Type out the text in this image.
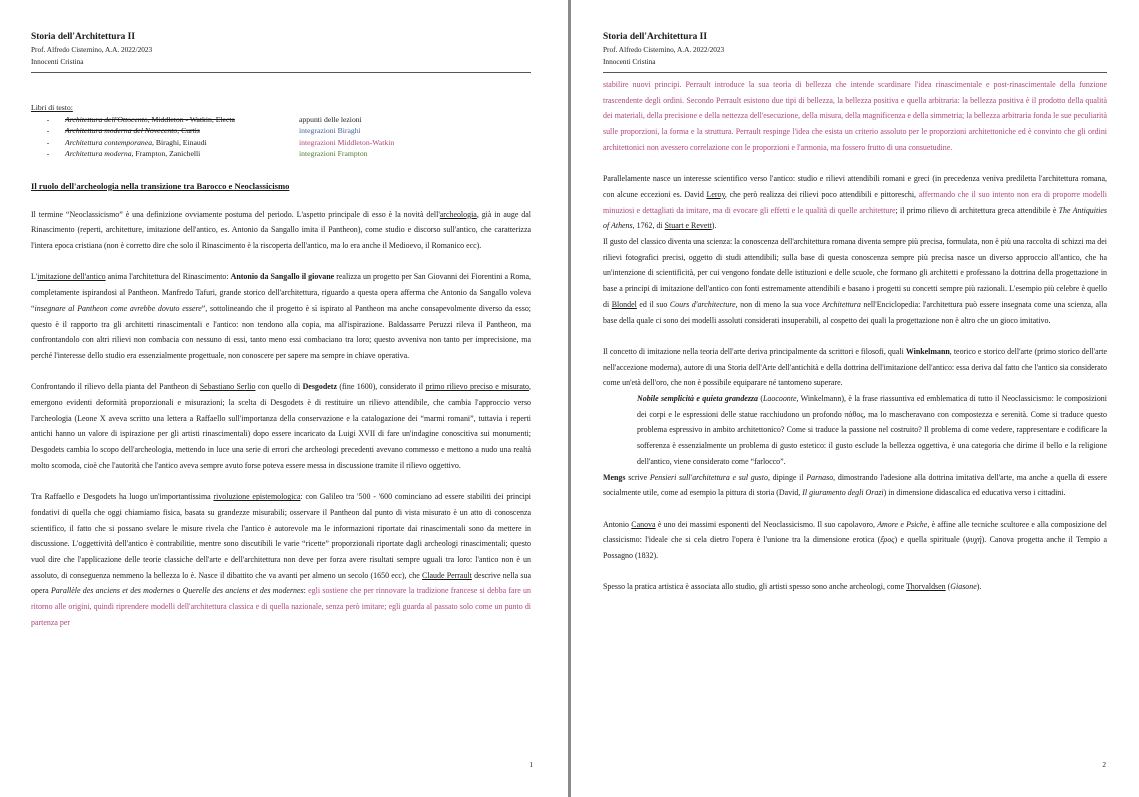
Storia dell'Architettura II
Prof. Alfredo Cisternino, A.A. 2022/2023
Innocenti Cristina
Libri di testo:
-	Architettura dell'Ottocento, Middleton - Watkin, Electa	appunti delle lezioni
-	Architettura moderna del Novecento, Curtis	integrazioni Biraghi
-	Architettura contemporanea, Biraghi, Einaudi	integrazioni Middleton-Watkin
-	Architettura moderna, Frampton, Zanichelli	integrazioni Frampton
Il ruolo dell'archeologia nella transizione tra Barocco e Neoclassicismo

Il termine “Neoclassicismo” è una definizione ovviamente postuma del periodo. L'aspetto principale di esso è la novità dell'archeologia, già in auge dal Rinascimento (reperti, architetture, imitazione dell'antico, es. Antonio da Sangallo imita il Pantheon), come studio e discorso sull'antico, che caratterizza l'intera epoca cristiana (non è corretto dire che solo il Rinascimento è la riscoperta dell'antico, ma lo era anche il Medioevo, il Romanico ecc).

L'imitazione dell'antico anima l'architettura del Rinascimento: Antonio da Sangallo il giovane realizza un progetto per San Giovanni dei Fiorentini a Roma, completamente ispirandosi al Pantheon. Manfredo Tafuri, grande storico dell'architettura, riguardo a questa opera afferma che Antonio da Sangallo voleva “insegnare al Pantheon come avrebbe dovuto essere”, sottolineando che il progetto è sì ispirato al Pantheon ma anche consapevolmente diverso da esso; questo è il rapporto tra gli architetti rinascimentali e l'antico: non tendono alla copia, ma all'ispirazione. Baldassarre Peruzzi rileva il Pantheon, ma confrontandolo con altri rilievi non combacia con nessuno di essi, tanto meno essi combaciano tra loro; questo avveniva non tanto per imprecisione, ma perché l'interesse dello studio era essenzialmente progettuale, non conoscere per sapere ma sempre in chiave operativa.

Confrontando il rilievo della pianta del Pantheon di Sebastiano Serlio con quello di Desgodetz (fine 1600), considerato il primo rilievo preciso e misurato, emergono evidenti deformità proporzionali e misurazioni; la scelta di Desgodets è di restituire un rilievo attendibile, che cambia l'approccio verso l'archeologia (Leone X aveva scritto una lettera a Raffaello sull'importanza della conservazione e la catalogazione dei “marmi romani”, tuttavia i reperti antichi hanno un valore di ispirazione per gli artisti rinascimentali) dopo essere incaricato da Luigi XVII di fare un'indagine conoscitiva sui monumenti; Desgodets cambia lo scopo dell'archeologia, mettendo in luce una serie di errori che archeologi precedenti avevano commesso e mettono a nudo una realtà molto scomoda, cioè che l'autorità che l'antico aveva sempre avuto forse poteva essere messa in discussione tramite il rilievo oggettivo.

Tra Raffaello e Desgodets ha luogo un'importantissima rivoluzione epistemologica: con Galileo tra '500 - '600 cominciano ad essere stabiliti dei principi fondativi di quella che oggi chiamiamo fisica, basata su grandezze misurabili; osservare il Pantheon dal punto di vista misurato è un atto di conoscenza scientifico, il fatto che si possano svelare le misure rivela che l'antico è autorevole ma le informazioni riportate dai rinascimentali sono da mettere in discussione. L'oggettività dell'antico è contrabilitie, mentre sono discutibili le varie “ricette” proporzionali riportate dagli archeologi rinascimentali; questo vuol dire che l'applicazione delle teorie classiche dell'arte e dell'architettura non deve per forza avere risultati sempre uguali tra loro: l'antico non è un assoluto, di conseguenza nemmeno la bellezza lo è. Nasce il dibattito che va avanti per almeno un secolo (1650 ecc), che Claude Perrault descrive nella sua opera Parallèle des anciens et des modernes o Querelle des anciens et des modernes: egli sostiene che per rinnovare la tradizione francese si debba fare un ritorno alle origini, quindi riprendere modelli dell'architettura classica e di quella nazionale, senza però imitare; egli guarda al passato solo come un punto di partenza per

1
Storia dell'Architettura II
Prof. Alfredo Cisternino, A.A. 2022/2023
Innocenti Cristina

stabilire nuovi principi. Perrault introduce la sua teoria di bellezza che intende scardinare l'idea rinascimentale e post-rinascimentale della funzione trascendente degli ordini. Secondo Perrault esistono due tipi di bellezza, la bellezza positiva e quella arbitraria: la bellezza positiva è il prodotto della qualità dei materiali, della precisione e della nettezza dell'esecuzione, della misura, della magnificenza e della simmetria; la bellezza arbitraria fonda le sue peculiarità sulle proporzioni, la forma e la struttura. Perrault respinge l'idea che esista un criterio assoluto per le proporzioni architettoniche ed è convinto che gli ordini architettonici non avessero correlazione con le proporzioni e l'armonia, ma fossero frutto di una consuetudine.

Parallelamente nasce un interesse scientifico verso l'antico: studio e rilievi attendibili romani e greci (in precedenza veniva prediletta l'architettura romana, con alcune eccezioni es. David Leroy, che però realizza dei rilievi poco attendibili e pittoreschi, affermando che il suo intento non era di proporre modelli minuziosi e dettagliati da imitare, ma di evocare gli effetti e le qualità di quelle architetture; il primo rilievo di architettura greca attendibile è The Antiquities of Athens, 1762, di Stuart e Revett).

Il gusto del classico diventa una scienza: la conoscenza dell'architettura romana diventa sempre più precisa, formulata, non è più una raccolta di schizzi ma dei rilievi fotografici precisi, oggetto di studi attendibili; sulla base di questa conoscenza sempre più precisa nasce un diverso approccio all'antico, che ha un'intenzione di scientificità, per cui vengono fondate delle istituzioni e delle scuole, che formano gli architetti e professano la dottrina della progettazione in base a principi di imitazione dell'antico con fonti estremamente attendibili e basano i progetti su concetti sempre più razionali. L'esempio più celebre è quello di Blondel ed il suo Cours d'architecture, non di meno la sua voce Architettura nell'Enciclopedia: l'architettura può essere insegnata come una scienza, alla base della quale ci sono dei modelli assoluti considerati insuperabili, al cospetto dei quali la progettazione non è altro che un gioco imitativo.

Il concetto di imitazione nella teoria dell'arte deriva principalmente da scrittori e filosofi, quali Winkelmann, teorico e storico dell'arte (primo storico dell'arte nell'accezione moderna), autore di una Storia dell'Arte dell'antichità e della dottrina dell'imitazione dell'antico: essa deriva dal fatto che l'antico sia considerato come un'età dell'oro, che non è possibile equiparare né tantomeno superare.

Nobile semplicità e quieta grandezza (Laocoonte, Winkelmann), è la frase riassuntiva ed emblematica di tutto il Neoclassicismo: le composizioni dei corpi e le espressioni delle statue racchiudono un profondo πάθος, ma lo mascheravano con compostezza e serenità. Come si traduce questo problema espressivo in ambito architettonico? Come si traduce la passione nel costruito? Il problema di come vedere, rappresentare e codificare la sofferenza è essenzialmente un problema di gusto estetico: il gusto esclude la bellezza oggettiva, è una categoria che dirime il bello e la religione dell'antico, viene considerato come “farlocco”.

Mengs scrive Pensieri sull'architettura e sul gusto, dipinge il Parnaso, dimostrando l'adesione alla dottrina imitativa dell'arte, ma anche a quella di essere socialmente utile, come ad esempio la pittura di storia (David, Il giuramento degli Orazi) in dimensione didascalica ed educativa verso i cittadini.

Antonio Canova è uno dei massimi esponenti del Neoclassicismo. Il suo capolavoro, Amore e Psiche, è affine alle tecniche scultoree e alla composizione del classicismo: l'ideale che si cela dietro l'opera è l'unione tra la dimensione erotica (ἔρος) e quella spirituale (ψυχή). Canova progetta anche il Tempio a Possagno (1832).

Spesso la pratica artistica è associata allo studio, gli artisti spesso sono anche archeologi, come Thorvaldsen (Giasone).

2
